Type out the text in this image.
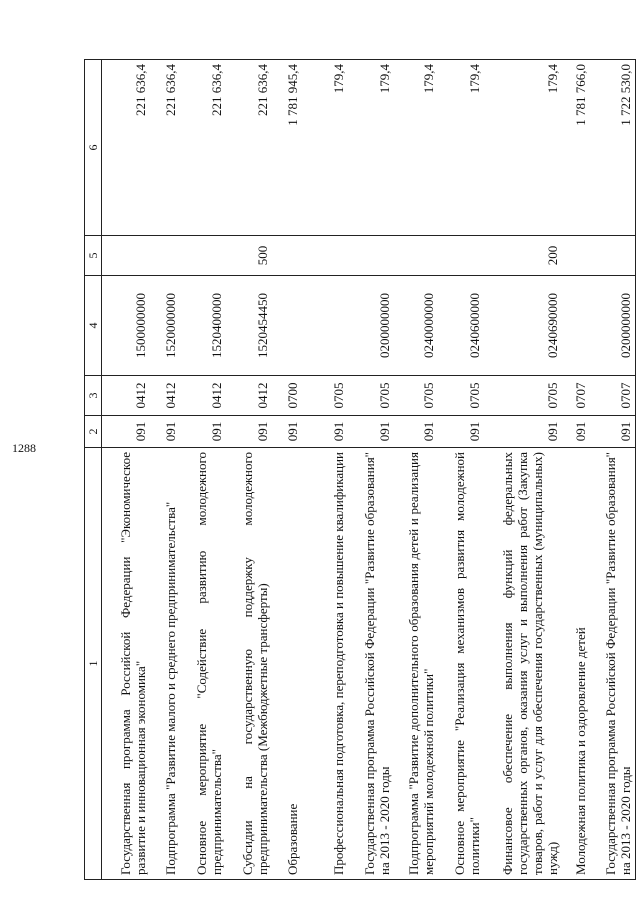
1288
1	2	3	4	5	6
Государственная программа Российской Федерации "Экономическое развитие и инновационная экономика"	091	0412	1500000000		221 636,4
Подпрограмма "Развитие малого и среднего предпринимательства"	091	0412	1520000000		221 636,4
Основное мероприятие "Содействие развитию молодежного предпринимательства"	091	0412	1520400000		221 636,4
Субсидии на государственную поддержку молодежного предпринимательства (Межбюджетные трансферты)	091	0412	1520454450	500	221 636,4
Образование	091	0700			1 781 945,4
Профессиональная подготовка, переподготовка и повышение квалификации	091	0705			179,4
Государственная программа Российской Федерации "Развитие образования" на 2013 - 2020 годы	091	0705	0200000000		179,4
Подпрограмма "Развитие дополнительного образования детей и реализация мероприятий молодежной политики"	091	0705	0240000000		179,4
Основное мероприятие "Реализация механизмов развития молодежной политики"	091	0705	0240600000		179,4
Финансовое обеспечение выполнения функций федеральных государственных органов, оказания услуг и выполнения работ (Закупка товаров, работ и услуг для обеспечения государственных (муниципальных) нужд)	091	0705	0240690000	200	179,4
Молодежная политика и оздоровление детей	091	0707			1 781 766,0
Государственная программа Российской Федерации "Развитие образования" на 2013 - 2020 годы	091	0707	0200000000		1 722 530,0
